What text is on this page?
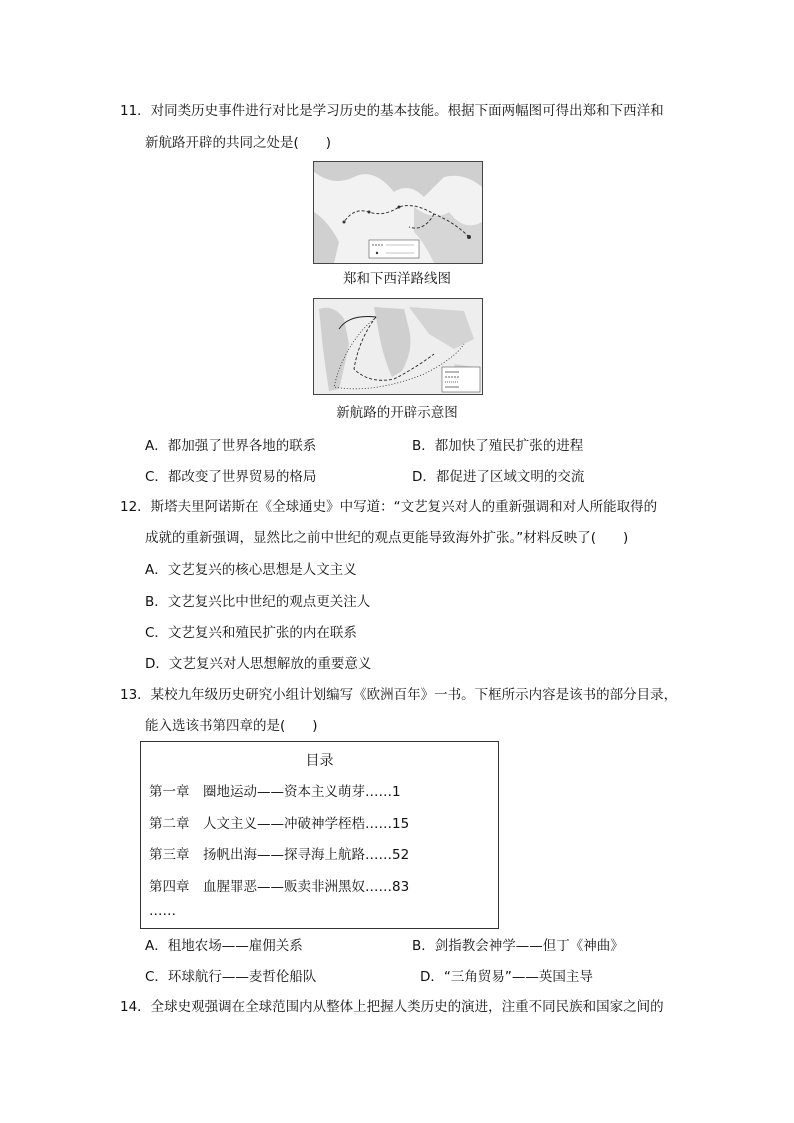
11．对同类历史事件进行对比是学习历史的基本技能。根据下面两幅图可得出郑和下西洋和
新航路开辟的共同之处是(　　)
郑和下西洋路线图
新航路的开辟示意图
A．都加强了世界各地的联系	B．都加快了殖民扩张的进程
C．都改变了世界贸易的格局	D．都促进了区域文明的交流
12．斯塔夫里阿诺斯在《全球通史》中写道：“文艺复兴对人的重新强调和对人所能取得的
成就的重新强调，显然比之前中世纪的观点更能导致海外扩张。”材料反映了(　　)
A．文艺复兴的核心思想是人文主义
B．文艺复兴比中世纪的观点更关注人
C．文艺复兴和殖民扩张的内在联系
D．文艺复兴对人思想解放的重要意义
13．某校九年级历史研究小组计划编写《欧洲百年》一书。下框所示内容是该书的部分目录，
能入选该书第四章的是(　　)
目录
第一章　圈地运动——资本主义萌芽……1
第二章　人文主义——冲破神学桎梏……15
第三章　扬帆出海——探寻海上航路……52
第四章　血腥罪恶——贩卖非洲黑奴……83
……
A．租地农场——雇佣关系	B．剑指教会神学——但丁《神曲》
C．环球航行——麦哲伦船队	D．“三角贸易”——英国主导
14．全球史观强调在全球范围内从整体上把握人类历史的演进，注重不同民族和国家之间的
